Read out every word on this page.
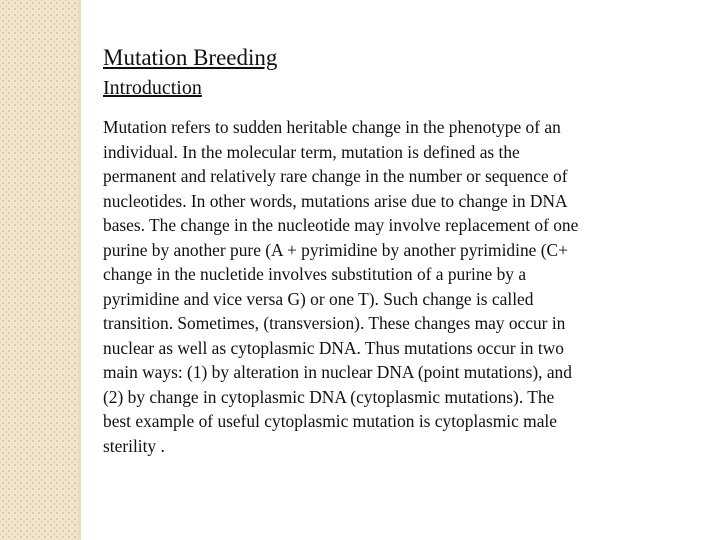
Mutation Breeding
Introduction

Mutation refers to sudden heritable change in the phenotype of an
individual. In the molecular term, mutation is defined as the
permanent and relatively rare change in the number or sequence of
nucleotides. In other words, mutations arise due to change in DNA
bases. The change in the nucleotide may involve replacement of one
purine by another pure (A + pyrimidine by another pyrimidine (C+
change in the nucletide involves substitution of a purine by a
pyrimidine and vice versa G) or one T). Such change is called
transition. Sometimes, (transversion). These changes may occur in
nuclear as well as cytoplasmic DNA. Thus mutations occur in two
main ways: (1) by alteration in nuclear DNA (point mutations), and
(2) by change in cytoplasmic DNA (cytoplasmic mutations). The
best example of useful cytoplasmic mutation is cytoplasmic male
sterility .
